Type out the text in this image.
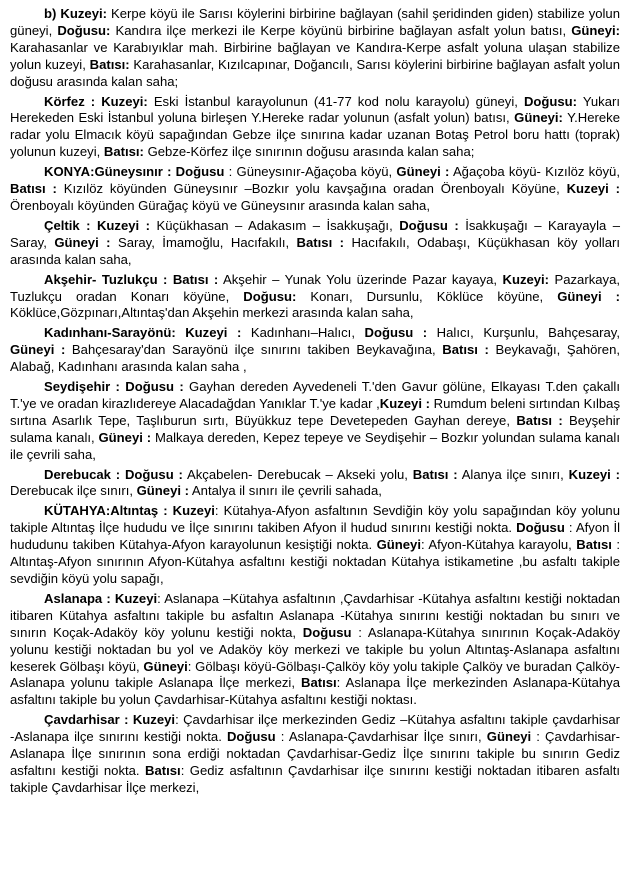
b) Kuzeyi: Kerpe köyü ile Sarısı köylerini birbirine bağlayan (sahil şeridinden giden) stabilize yolun güneyi, Doğusu: Kandıra ilçe merkezi ile Kerpe köyünü birbirine bağlayan asfalt yolun batısı, Güneyi: Karahasanlar ve Karabıyıklar mah. Birbirine bağlayan ve Kandıra-Kerpe asfalt yoluna ulaşan stabilize yolun kuzeyi, Batısı: Karahasanlar, Kızılcapınar, Doğancılı, Sarısı köylerini birbirine bağlayan asfalt yolun doğusu arasında kalan saha;

Körfez : Kuzeyi: Eski İstanbul karayolunun (41-77 kod nolu karayolu) güneyi, Doğusu: Yukarı Herekeden Eski İstanbul yoluna birleşen Y.Hereke radar yolunun (asfalt yolun) batısı, Güneyi: Y.Hereke radar yolu Elmacık köyü sapağından Gebze ilçe sınırına kadar uzanan Botaş Petrol boru hattı (toprak) yolunun kuzeyi, Batısı: Gebze-Körfez ilçe sınırının doğusu arasında kalan saha;

KONYA:Güneysınır : Doğusu : Güneysınır-Ağaçoba köyü, Güneyi : Ağaçoba köyü- Kızılöz köyü, Batısı : Kızılöz köyünden Güneysınır –Bozkır yolu kavşağına oradan Örenboyalı Köyüne, Kuzeyi : Örenboyalı köyünden Gürağaç köyü ve Güneysınır arasında kalan saha,

Çeltik : Kuzeyi : Küçükhasan – Adakasım – İsakkuşağı, Doğusu : İsakkuşağı – Karayayla – Saray, Güneyi : Saray, İmamoğlu, Hacıfakılı, Batısı : Hacıfakılı, Odabaşı, Küçükhasan köy yolları arasında kalan saha,

Akşehir- Tuzlukçu : Batısı : Akşehir – Yunak Yolu üzerinde Pazar kayaya, Kuzeyi: Pazarkaya, Tuzlukçu oradan Konarı köyüne, Doğusu: Konarı, Dursunlu, Köklüce köyüne, Güneyi : Köklüce,Gözpınarı,Altıntaş'dan Akşehin merkezi arasında kalan saha,

Kadınhanı-Sarayönü: Kuzeyi : Kadınhanı–Halıcı, Doğusu : Halıcı, Kurşunlu, Bahçesaray, Güneyi : Bahçesaray'dan Sarayönü ilçe sınırını takiben Beykavağına, Batısı : Beykavağı, Şahören, Alabağ, Kadınhanı arasında kalan saha ,

Seydişehir : Doğusu : Gayhan dereden Ayvedeneli T.'den Gavur gölüne, Elkayası T.den çakallı T.'ye ve oradan kirazlıdereye Alacadağdan Yanıklar T.'ye kadar ,Kuzeyi : Rumdum beleni sırtından Kılbaş sırtına Asarlık Tepe, Taşlıburun sırtı, Büyükkuz tepe Devetepeden Gayhan dereye, Batısı : Beyşehir sulama kanalı, Güneyi : Malkaya dereden, Kepez tepeye ve Seydişehir – Bozkır yolundan sulama kanalı ile çevrili saha,

Derebucak : Doğusu : Akçabelen- Derebucak – Akseki yolu, Batısı : Alanya ilçe sınırı, Kuzeyi : Derebucak ilçe sınırı, Güneyi : Antalya il sınırı ile çevrili sahada,

KÜTAHYA:Altıntaş : Kuzeyi: Kütahya-Afyon asfaltının Sevdiğin köy yolu sapağından köy yolunu takiple Altıntaş İlçe hududu ve İlçe sınırını takiben Afyon il hudud sınırını kestiği nokta. Doğusu : Afyon İl hududunu takiben Kütahya-Afyon karayolunun kesiştiği nokta. Güneyi: Afyon-Kütahya karayolu, Batısı : Altıntaş-Afyon sınırının Afyon-Kütahya asfaltını kestiği noktadan Kütahya istikametine ,bu asfaltı takiple sevdiğin köyü yolu sapağı,

Aslanapa : Kuzeyi: Aslanapa –Kütahya asfaltının ,Çavdarhisar -Kütahya asfaltını kestiği noktadan itibaren Kütahya asfaltını takiple bu asfaltın Aslanapa -Kütahya sınırını kestiği noktadan bu sınırı ve sınırın Koçak-Adaköy köy yolunu kestiği nokta, Doğusu : Aslanapa-Kütahya sınırının Koçak-Adaköy yolunu kestiği noktadan bu yol ve Adaköy köy merkezi ve takiple bu yolun Altıntaş-Aslanapa asfaltını keserek Gölbaşı köyü, Güneyi: Gölbaşı köyü-Gölbaşı-Çalköy köy yolu takiple Çalköy ve buradan Çalköy-Aslanapa yolunu takiple Aslanapa İlçe merkezi, Batısı: Aslanapa İlçe merkezinden Aslanapa-Kütahya asfaltını takiple bu yolun Çavdarhisar-Kütahya asfaltını kestiği noktası.

Çavdarhisar : Kuzeyi: Çavdarhisar ilçe merkezinden Gediz –Kütahya asfaltını takiple çavdarhisar -Aslanapa ilçe sınırını kestiği nokta. Doğusu : Aslanapa-Çavdarhisar İlçe sınırı, Güneyi : Çavdarhisar-Aslanapa İlçe sınırının sona erdiği noktadan Çavdarhisar-Gediz İlçe sınırını takiple bu sınırın Gediz asfaltını kestiği nokta. Batısı: Gediz asfaltının Çavdarhisar ilçe sınırını kestiği noktadan itibaren asfaltı takiple Çavdarhisar İlçe merkezi,
